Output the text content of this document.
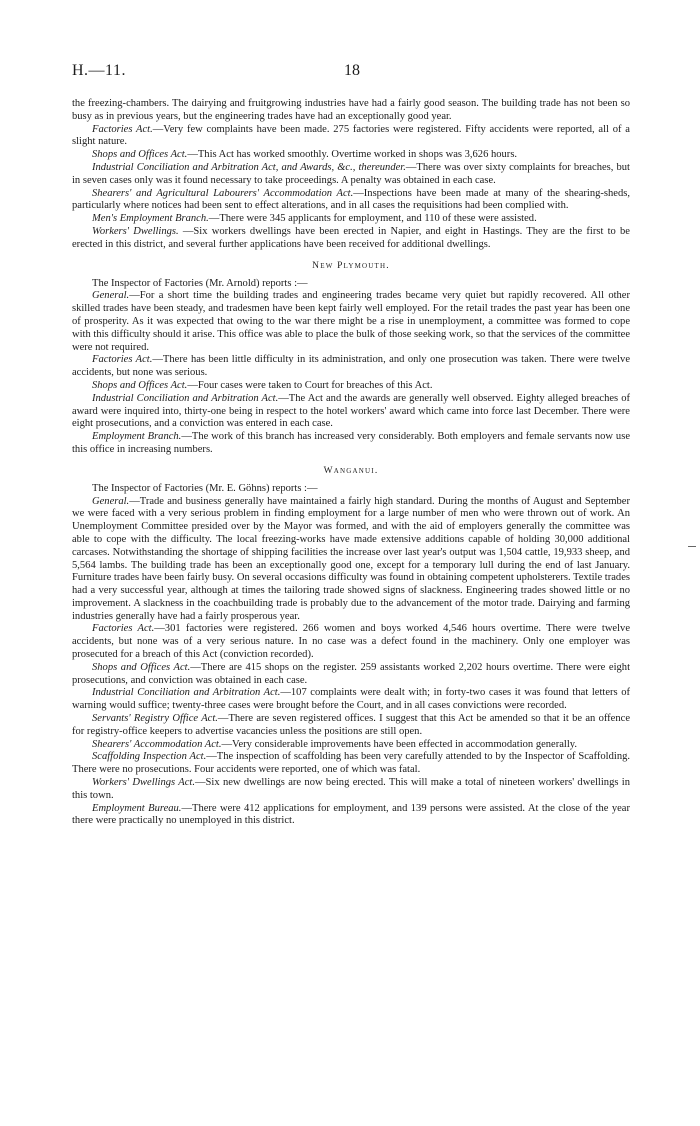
H.—11.	18

the freezing-chambers. The dairying and fruitgrowing industries have had a fairly good season. The building trade has not been so busy as in previous years, but the engineering trades have had an exceptionally good year.

Factories Act.—Very few complaints have been made. 275 factories were registered. Fifty accidents were reported, all of a slight nature.

Shops and Offices Act.—This Act has worked smoothly. Overtime worked in shops was 3,626 hours.

Industrial Conciliation and Arbitration Act, and Awards, &c., thereunder.—There was over sixty complaints for breaches, but in seven cases only was it found necessary to take proceedings. A penalty was obtained in each case.

Shearers' and Agricultural Labourers' Accommodation Act.—Inspections have been made at many of the shearing-sheds, particularly where notices had been sent to effect alterations, and in all cases the requisitions had been complied with.

Men's Employment Branch.—There were 345 applicants for employment, and 110 of these were assisted.

Workers' Dwellings. —Six workers dwellings have been erected in Napier, and eight in Hastings. They are the first to be erected in this district, and several further applications have been received for additional dwellings.

New Plymouth.

The Inspector of Factories (Mr. Arnold) reports :—

General.—For a short time the building trades and engineering trades became very quiet but rapidly recovered. All other skilled trades have been steady, and tradesmen have been kept fairly well employed. For the retail trades the past year has been one of prosperity. As it was expected that owing to the war there might be a rise in unemployment, a committee was formed to cope with this difficulty should it arise. This office was able to place the bulk of those seeking work, so that the services of the committee were not required.

Factories Act.—There has been little difficulty in its administration, and only one prosecution was taken. There were twelve accidents, but none was serious.

Shops and Offices Act.—Four cases were taken to Court for breaches of this Act.

Industrial Conciliation and Arbitration Act.—The Act and the awards are generally well observed. Eighty alleged breaches of award were inquired into, thirty-one being in respect to the hotel workers' award which came into force last December. There were eight prosecutions, and a conviction was entered in each case.

Employment Branch.—The work of this branch has increased very considerably. Both employers and female servants now use this office in increasing numbers.

Wanganui.

The Inspector of Factories (Mr. E. Göhns) reports :—

General.—Trade and business generally have maintained a fairly high standard. During the months of August and September we were faced with a very serious problem in finding employment for a large number of men who were thrown out of work. An Unemployment Committee presided over by the Mayor was formed, and with the aid of employers generally the committee was able to cope with the difficulty. The local freezing-works have made extensive additions capable of holding 30,000 additional carcases. Notwithstanding the shortage of shipping facilities the increase over last year's output was 1,504 cattle, 19,933 sheep, and 5,564 lambs. The building trade has been an exceptionally good one, except for a temporary lull during the end of last January. Furniture trades have been fairly busy. On several occasions difficulty was found in obtaining competent upholsterers. Textile trades had a very successful year, although at times the tailoring trade showed signs of slackness. Engineering trades showed little or no improvement. A slackness in the coachbuilding trade is probably due to the advancement of the motor trade. Dairying and farming industries generally have had a fairly prosperous year.

Factories Act.—301 factories were registered. 266 women and boys worked 4,546 hours overtime. There were twelve accidents, but none was of a very serious nature. In no case was a defect found in the machinery. Only one employer was prosecuted for a breach of this Act (conviction recorded).

Shops and Offices Act.—There are 415 shops on the register. 259 assistants worked 2,202 hours overtime. There were eight prosecutions, and conviction was obtained in each case.

Industrial Conciliation and Arbitration Act.—107 complaints were dealt with; in forty-two cases it was found that letters of warning would suffice; twenty-three cases were brought before the Court, and in all cases convictions were recorded.

Servants' Registry Office Act.—There are seven registered offices. I suggest that this Act be amended so that it be an offence for registry-office keepers to advertise vacancies unless the positions are still open.

Shearers' Accommodation Act.—Very considerable improvements have been effected in accommodation generally.

Scaffolding Inspection Act.—The inspection of scaffolding has been very carefully attended to by the Inspector of Scaffolding. There were no prosecutions. Four accidents were reported, one of which was fatal.

Workers' Dwellings Act.—Six new dwellings are now being erected. This will make a total of nineteen workers' dwellings in this town.

Employment Bureau.—There were 412 applications for employment, and 139 persons were assisted. At the close of the year there were practically no unemployed in this district.
